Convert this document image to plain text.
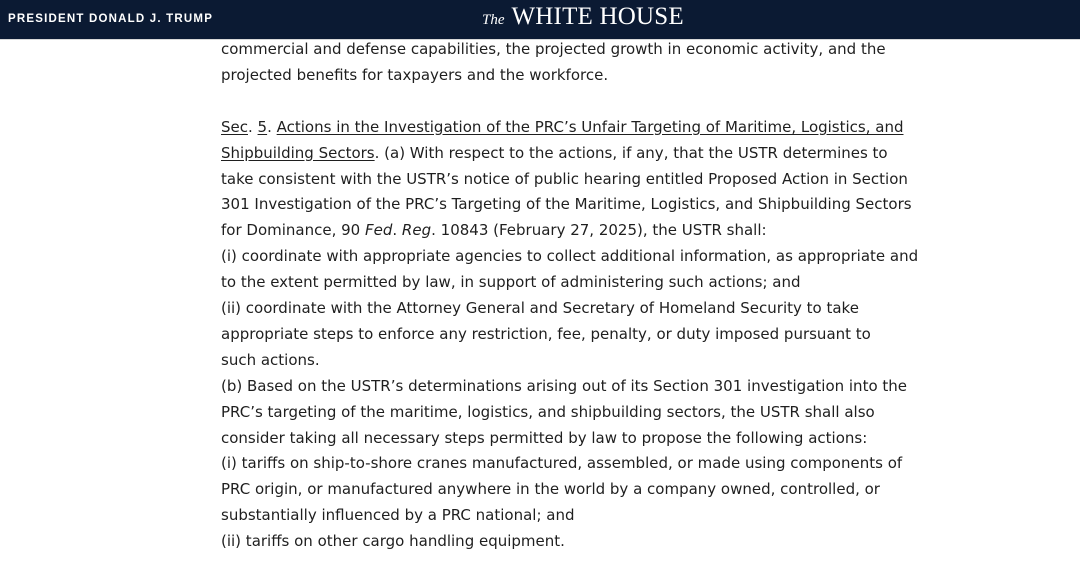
PRESIDENT DONALD J. TRUMP	The WHITE HOUSE

commercial and defense capabilities, the projected growth in economic activity, and the
projected benefits for taxpayers and the workforce.

Sec. 5. Actions in the Investigation of the PRC’s Unfair Targeting of Maritime, Logistics, and
Shipbuilding Sectors. (a) With respect to the actions, if any, that the USTR determines to
take consistent with the USTR’s notice of public hearing entitled Proposed Action in Section
301 Investigation of the PRC’s Targeting of the Maritime, Logistics, and Shipbuilding Sectors
for Dominance, 90 Fed. Reg. 10843 (February 27, 2025), the USTR shall:
(i) coordinate with appropriate agencies to collect additional information, as appropriate and
to the extent permitted by law, in support of administering such actions; and
(ii) coordinate with the Attorney General and Secretary of Homeland Security to take
appropriate steps to enforce any restriction, fee, penalty, or duty imposed pursuant to
such actions.
(b) Based on the USTR’s determinations arising out of its Section 301 investigation into the
PRC’s targeting of the maritime, logistics, and shipbuilding sectors, the USTR shall also
consider taking all necessary steps permitted by law to propose the following actions:
(i) tariffs on ship-to-shore cranes manufactured, assembled, or made using components of
PRC origin, or manufactured anywhere in the world by a company owned, controlled, or
substantially influenced by a PRC national; and
(ii) tariffs on other cargo handling equipment.
